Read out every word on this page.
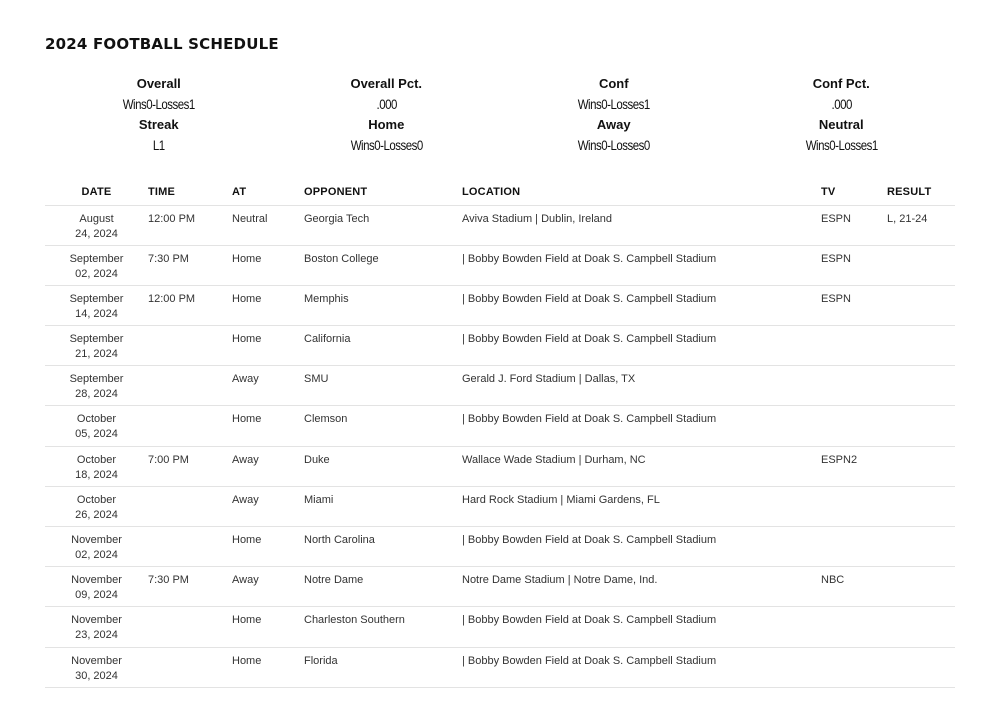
2024 FOOTBALL SCHEDULE
Overall
Wins0-Losses1
Overall Pct.
.000
Conf
Wins0-Losses1
Conf Pct.
.000
Streak
L1
Home
Wins0-Losses0
Away
Wins0-Losses0
Neutral
Wins0-Losses1
DATE	TIME	AT	OPPONENT	LOCATION	TV	RESULT

August
24, 2024	12:00 PM	Neutral	Georgia Tech	Aviva Stadium | Dublin, Ireland	ESPN	L, 21-24

September
02, 2024	7:30 PM	Home	Boston College	| Bobby Bowden Field at Doak S. Campbell Stadium	ESPN	

September
14, 2024	12:00 PM	Home	Memphis	| Bobby Bowden Field at Doak S. Campbell Stadium	ESPN	

September
21, 2024		Home	California	| Bobby Bowden Field at Doak S. Campbell Stadium		

September
28, 2024		Away	SMU	Gerald J. Ford Stadium | Dallas, TX		

October
05, 2024		Home	Clemson	| Bobby Bowden Field at Doak S. Campbell Stadium		

October
18, 2024	7:00 PM	Away	Duke	Wallace Wade Stadium | Durham, NC	ESPN2	

October
26, 2024		Away	Miami	Hard Rock Stadium | Miami Gardens, FL		

November
02, 2024		Home	North Carolina	| Bobby Bowden Field at Doak S. Campbell Stadium		

November
09, 2024	7:30 PM	Away	Notre Dame	Notre Dame Stadium | Notre Dame, Ind.	NBC	

November
23, 2024		Home	Charleston Southern	| Bobby Bowden Field at Doak S. Campbell Stadium		

November
30, 2024		Home	Florida	| Bobby Bowden Field at Doak S. Campbell Stadium		
